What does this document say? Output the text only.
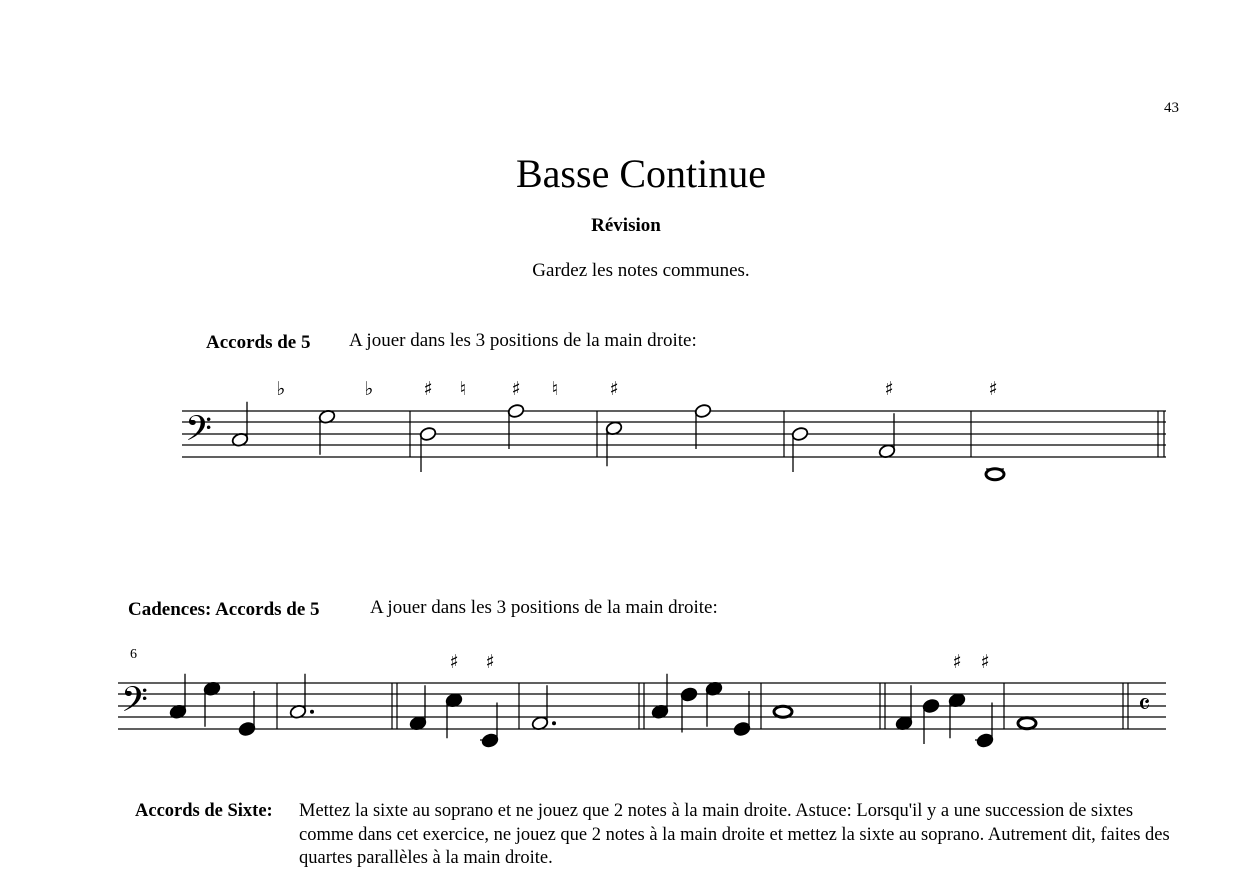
43
Basse Continue
Révision
Gardez les notes communes.
Accords de 5 A jouer dans les 3 positions de la main droite:
𝄢
♭	♭	♯ ♮ ♯ ♮	♯	♯	♯
Cadences: Accords de 5	A jouer dans les 3 positions de la main droite:
6
𝄢	𝄴
♯ ♯	♯ ♯
Accords de Sixte: Mettez la sixte au soprano et ne jouez que 2 notes à la main droite. Astuce: Lorsqu'il y a une succession de sixtes comme dans cet exercice, ne jouez que 2 notes à la main droite et mettez la sixte au soprano. Autrement dit, faites des quartes parallèles à la main droite.
